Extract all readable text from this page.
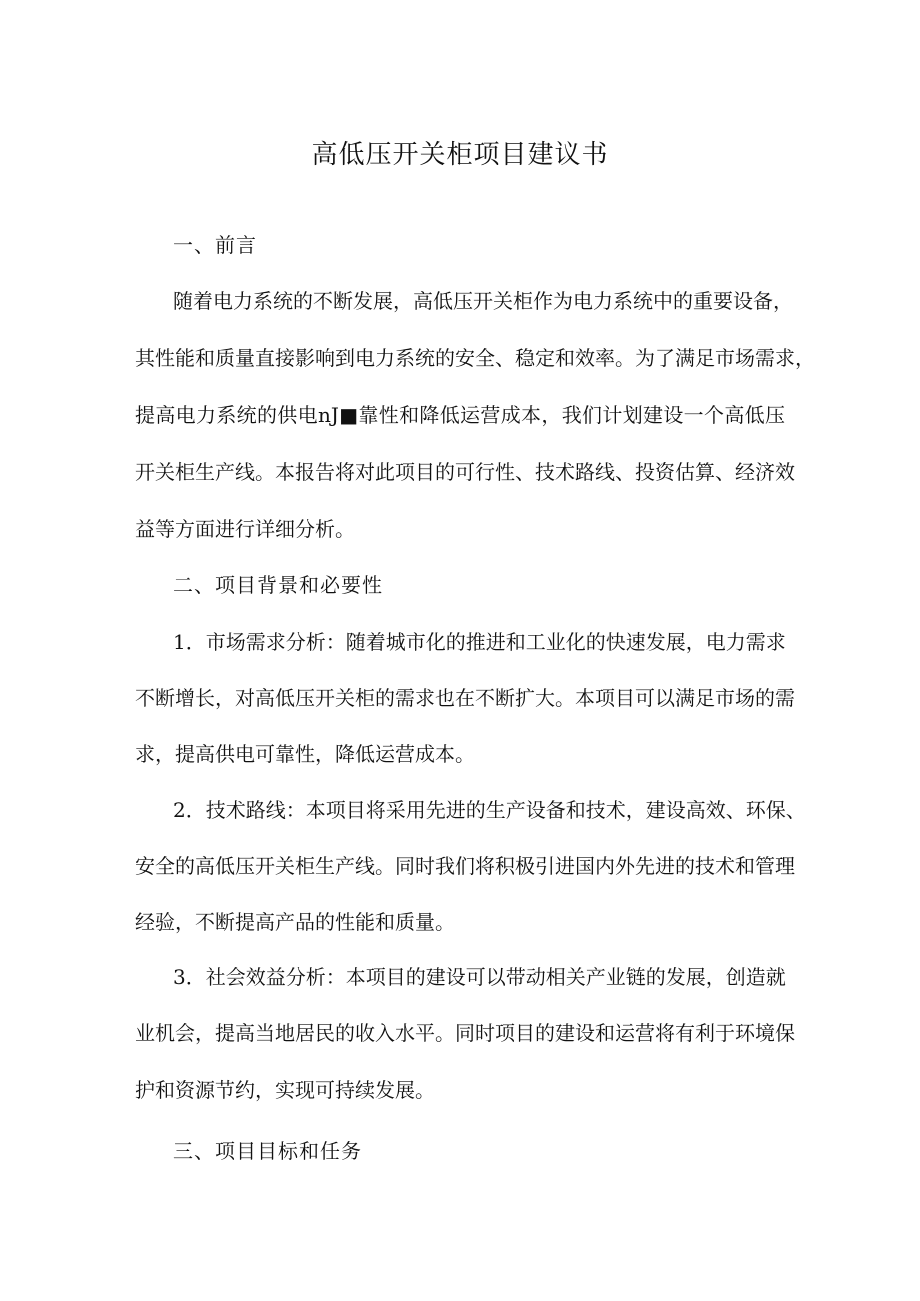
高低压开关柜项目建议书
一、前言
随着电力系统的不断发展，高低压开关柜作为电力系统中的重要设备，
其性能和质量直接影响到电力系统的安全、稳定和效率。为了满足市场需求，
提高电力系统的供电nJ■靠性和降低运营成本，我们计划建设一个高低压
开关柜生产线。本报告将对此项目的可行性、技术路线、投资估算、经济效
益等方面进行详细分析。
二、项目背景和必要性
1．市场需求分析：随着城市化的推进和工业化的快速发展，电力需求
不断增长，对高低压开关柜的需求也在不断扩大。本项目可以满足市场的需
求，提高供电可靠性，降低运营成本。
2．技术路线：本项目将采用先进的生产设备和技术，建设高效、环保、
安全的高低压开关柜生产线。同时我们将积极引进国内外先进的技术和管理
经验，不断提高产品的性能和质量。
3．社会效益分析：本项目的建设可以带动相关产业链的发展，创造就
业机会，提高当地居民的收入水平。同时项目的建设和运营将有利于环境保
护和资源节约，实现可持续发展。
三、项目目标和任务
